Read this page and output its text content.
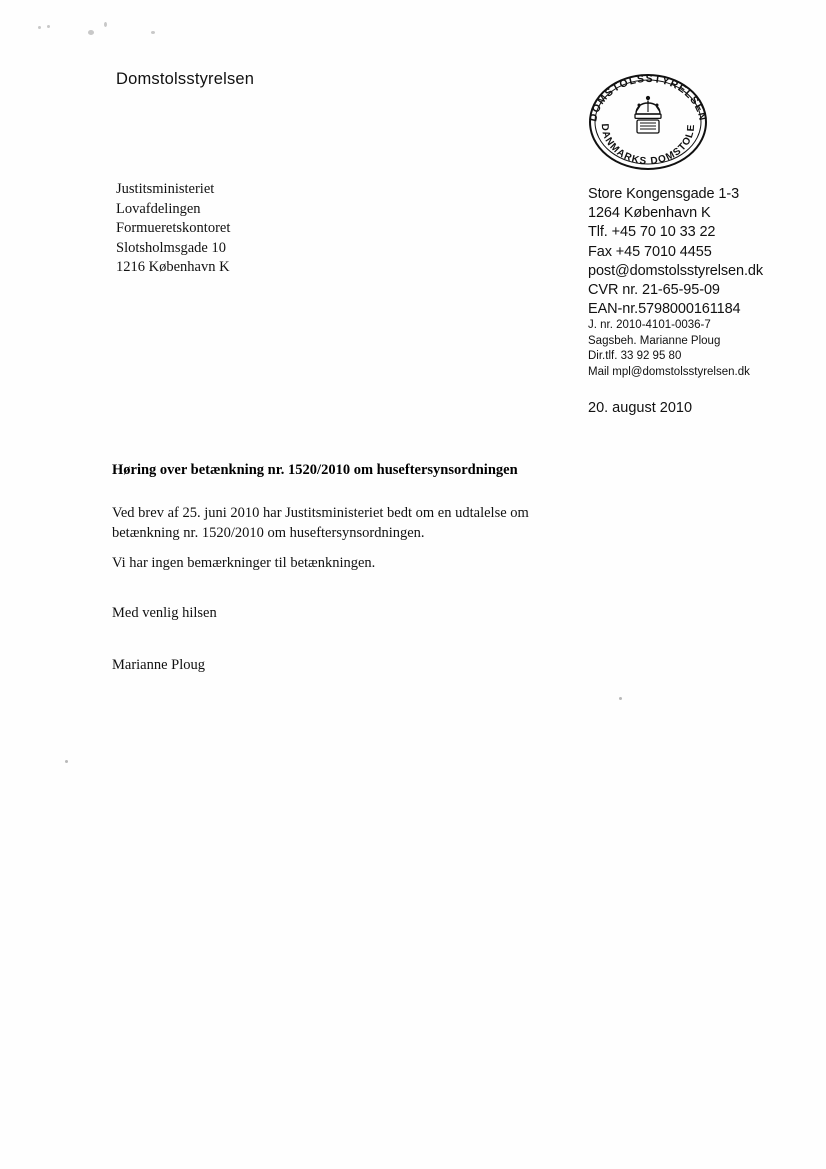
Domstolsstyrelsen
DOMSTOLSSTYRELSEN
DANMARKS DOMSTOLE
Justitsministeriet
Lovafdelingen
Formueretskontoret
Slotsholmsgade 10
1216 København K
Store Kongensgade 1-3
1264 København K
Tlf. +45 70 10 33 22
Fax +45 7010 4455
post@domstolsstyrelsen.dk
CVR nr. 21-65-95-09
EAN-nr.5798000161184
J. nr. 2010-4101-0036-7
Sagsbeh. Marianne Ploug
Dir.tlf. 33 92 95 80
Mail mpl@domstolsstyrelsen.dk
20. august 2010
Høring over betænkning nr. 1520/2010 om huseftersynsordningen
Ved brev af 25. juni 2010 har Justitsministeriet bedt om en udtalelse om betænkning nr. 1520/2010 om huseftersynsordningen.
Vi har ingen bemærkninger til betænkningen.
Med venlig hilsen
Marianne Ploug
